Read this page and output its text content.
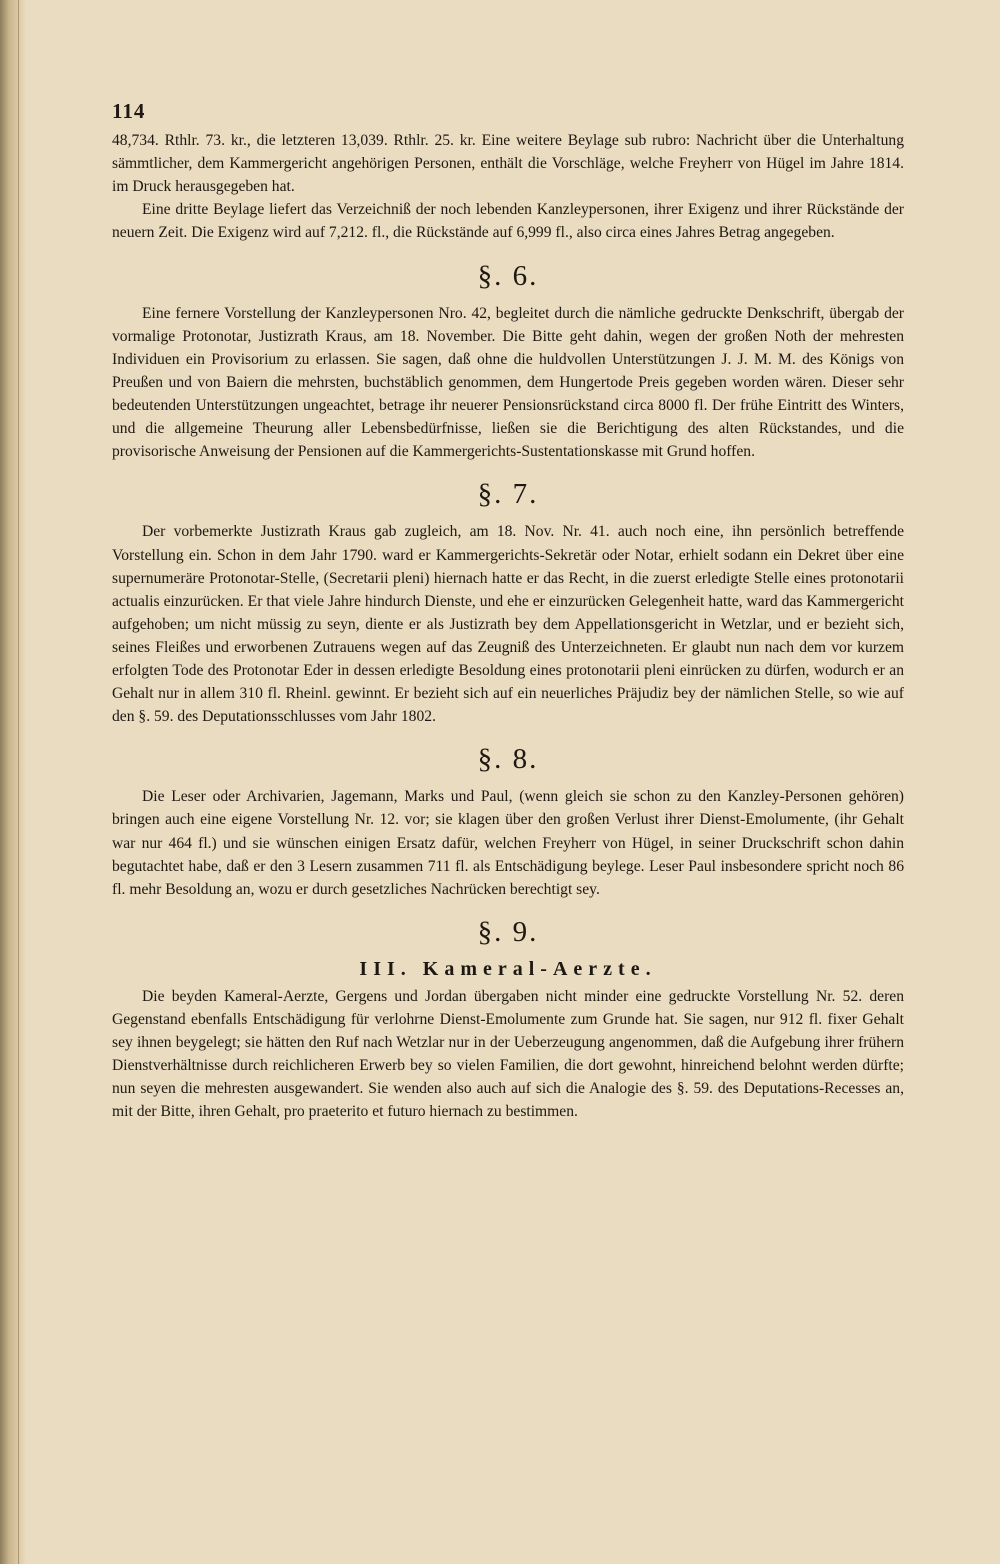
114

48,734. Rthlr. 73. kr., die letzteren 13,039. Rthlr. 25. kr. Eine weitere Beylage sub rubro: Nachricht über die Unterhaltung sämmtlicher, dem Kammergericht angehörigen Personen, enthält die Vorschläge, welche Freyherr von Hügel im Jahre 1814. im Druck herausgegeben hat.

Eine dritte Beylage liefert das Verzeichniß der noch lebenden Kanzleypersonen, ihrer Exigenz und ihrer Rückstände der neuern Zeit. Die Exigenz wird auf 7,212. fl., die Rückstände auf 6,999 fl., also circa eines Jahres Betrag angegeben.

§. 6.

Eine fernere Vorstellung der Kanzleypersonen Nro. 42, begleitet durch die nämliche gedruckte Denkschrift, übergab der vormalige Protonotar, Justizrath Kraus, am 18. November. Die Bitte geht dahin, wegen der großen Noth der mehresten Individuen ein Provisorium zu erlassen. Sie sagen, daß ohne die huldvollen Unterstützungen J. J. M. M. des Königs von Preußen und von Baiern die mehrsten, buchstäblich genommen, dem Hungertode Preis gegeben worden wären. Dieser sehr bedeutenden Unterstützungen ungeachtet, betrage ihr neuerer Pensionsrückstand circa 8000 fl. Der frühe Eintritt des Winters, und die allgemeine Theurung aller Lebensbedürfnisse, ließen sie die Berichtigung des alten Rückstandes, und die provisorische Anweisung der Pensionen auf die Kammergerichts-Sustentationskasse mit Grund hoffen.

§. 7.

Der vorbemerkte Justizrath Kraus gab zugleich, am 18. Nov. Nr. 41. auch noch eine, ihn persönlich betreffende Vorstellung ein. Schon in dem Jahr 1790. ward er Kammergerichts-Sekretär oder Notar, erhielt sodann ein Dekret über eine supernumeräre Protonotar-Stelle, (Secretarii pleni) hiernach hatte er das Recht, in die zuerst erledigte Stelle eines protonotarii actualis einzurücken. Er that viele Jahre hindurch Dienste, und ehe er einzurücken Gelegenheit hatte, ward das Kammergericht aufgehoben; um nicht müssig zu seyn, diente er als Justizrath bey dem Appellationsgericht in Wetzlar, und er bezieht sich, seines Fleißes und erworbenen Zutrauens wegen auf das Zeugniß des Unterzeichneten. Er glaubt nun nach dem vor kurzem erfolgten Tode des Protonotar Eder in dessen erledigte Besoldung eines protonotarii pleni einrücken zu dürfen, wodurch er an Gehalt nur in allem 310 fl. Rheinl. gewinnt. Er bezieht sich auf ein neuerliches Präjudiz bey der nämlichen Stelle, so wie auf den §. 59. des Deputationsschlusses vom Jahr 1802.

§. 8.

Die Leser oder Archivarien, Jagemann, Marks und Paul, (wenn gleich sie schon zu den Kanzley-Personen gehören) bringen auch eine eigene Vorstellung Nr. 12. vor; sie klagen über den großen Verlust ihrer Dienst-Emolumente, (ihr Gehalt war nur 464 fl.) und sie wünschen einigen Ersatz dafür, welchen Freyherr von Hügel, in seiner Druckschrift schon dahin begutachtet habe, daß er den 3 Lesern zusammen 711 fl. als Entschädigung beylege. Leser Paul insbesondere spricht noch 86 fl. mehr Besoldung an, wozu er durch gesetzliches Nachrücken berechtigt sey.

§. 9.
III. Kameral-Aerzte.

Die beyden Kameral-Aerzte, Gergens und Jordan übergaben nicht minder eine gedruckte Vorstellung Nr. 52. deren Gegenstand ebenfalls Entschädigung für verlohrne Dienst-Emolumente zum Grunde hat. Sie sagen, nur 912 fl. fixer Gehalt sey ihnen beygelegt; sie hätten den Ruf nach Wetzlar nur in der Ueberzeugung angenommen, daß die Aufgebung ihrer frühern Dienstverhältnisse durch reichlicheren Erwerb bey so vielen Familien, die dort gewohnt, hinreichend belohnt werden dürfte; nun seyen die mehresten ausgewandert. Sie wenden also auch auf sich die Analogie des §. 59. des Deputations-Recesses an, mit der Bitte, ihren Gehalt, pro praeterito et futuro hiernach zu bestimmen.
